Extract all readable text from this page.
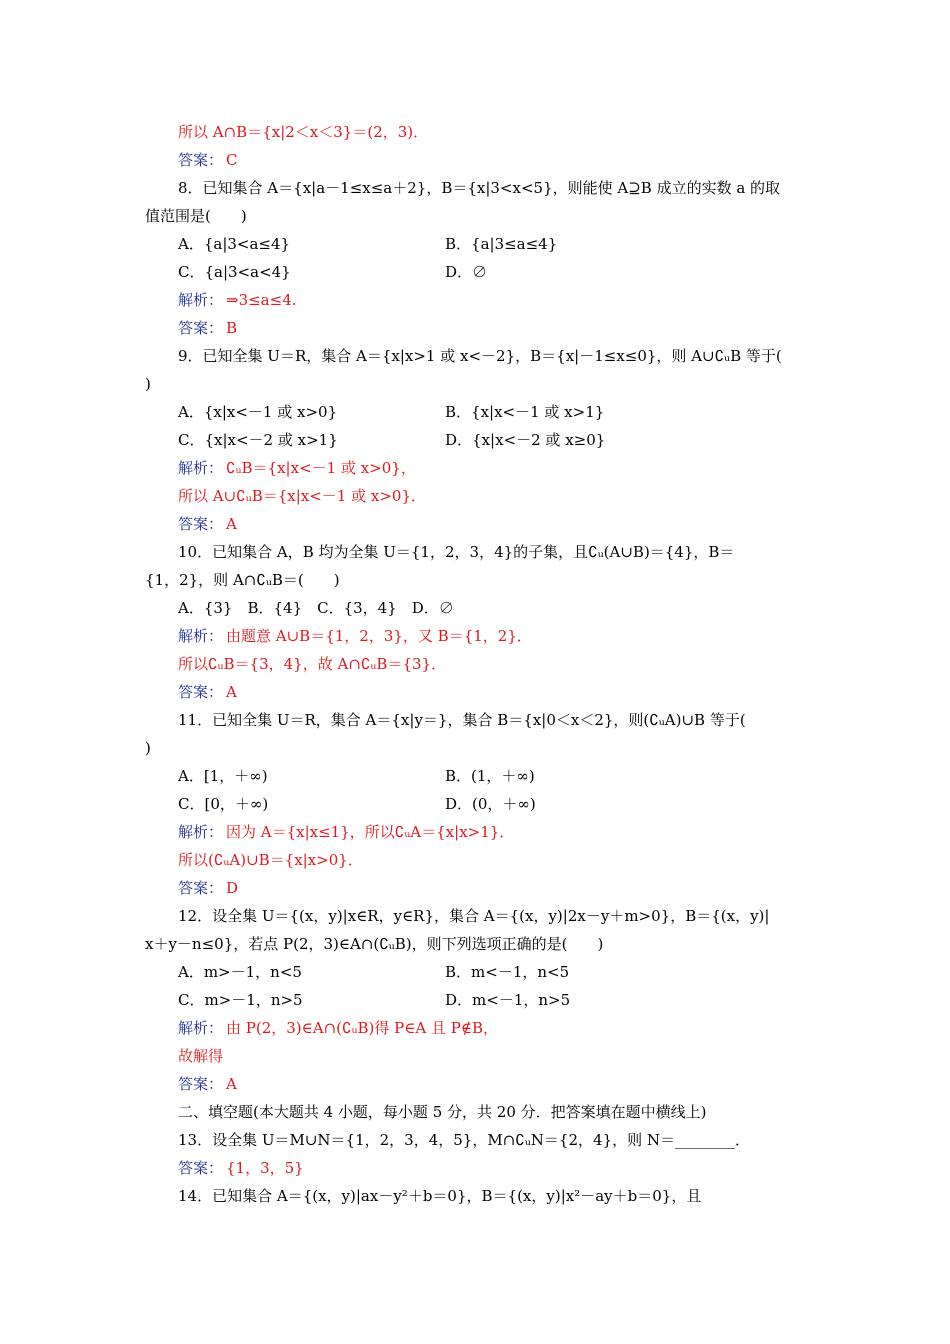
所以 A∩B＝{x|2＜x＜3}＝(2，3)．
答案： C
8．已知集合 A＝{x|a－1≤x≤a＋2}，B＝{x|3<x<5}，则能使 A⊇B 成立的实数 a 的取
值范围是(　　)
A．{a|3<a≤4}	B．{a|3≤a≤4}
C．{a|3<a<4}	D．∅
解析： ⇒3≤a≤4.
答案： B
9．已知全集 U＝R，集合 A＝{x|x>1 或 x<－2}，B＝{x|－1≤x≤0}，则 A∪∁ᵤB 等于(
)
A．{x|x<－1 或 x>0}	B．{x|x<－1 或 x>1}
C．{x|x<－2 或 x>1}	D．{x|x<－2 或 x≥0}
解析： ∁ᵤB＝{x|x<－1 或 x>0}，
所以 A∪∁ᵤB＝{x|x<－1 或 x>0}．
答案： A
10．已知集合 A，B 均为全集 U＝{1，2，3，4}的子集，且∁ᵤ(A∪B)＝{4}，B＝
{1，2}，则 A∩∁ᵤB＝(　　)
A．{3}　B．{4}　C．{3，4}　D．∅
解析： 由题意 A∪B＝{1，2，3}，又 B＝{1，2}．
所以∁ᵤB＝{3，4}，故 A∩∁ᵤB＝{3}．
答案： A
11．已知全集 U＝R，集合 A＝{x|y＝}，集合 B＝{x|0＜x＜2}，则(∁ᵤA)∪B 等于(
)
A．[1，＋∞)	B．(1，＋∞)
C．[0，＋∞)	D．(0，＋∞)
解析： 因为 A＝{x|x≤1}，所以∁ᵤA＝{x|x>1}．
所以(∁ᵤA)∪B＝{x|x>0}．
答案： D
12．设全集 U＝{(x，y)|x∈R，y∈R}，集合 A＝{(x，y)|2x－y＋m>0}，B＝{(x，y)|
x＋y－n≤0}，若点 P(2，3)∈A∩(∁ᵤB)，则下列选项正确的是(　　)
A．m>－1，n<5	B．m<－1，n<5
C．m>－1，n>5	D．m<－1，n>5
解析： 由 P(2，3)∈A∩(∁ᵤB)得 P∈A 且 P∉B，
故解得
答案： A
二、填空题(本大题共 4 小题，每小题 5 分，共 20 分．把答案填在题中横线上)
13．设全集 U＝M∪N＝{1，2，3，4，5}，M∩∁ᵤN＝{2，4}，则 N＝________．
答案： {1，3，5}
14．已知集合 A＝{(x，y)|ax－y²＋b＝0}，B＝{(x，y)|x²－ay＋b＝0}，且
